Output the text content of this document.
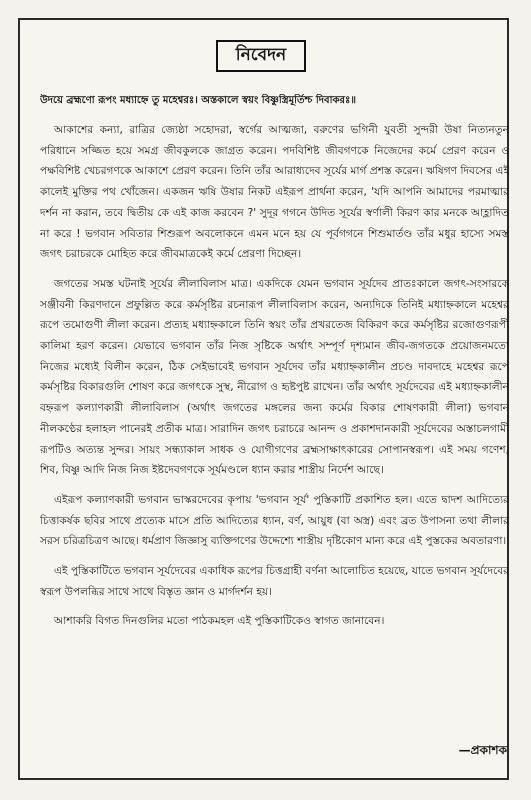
নিবেদন
উদয়ে ব্রহ্মণো রূপং মধ্যাহ্নে তু মহেশ্বরঃ। অস্তকালে স্বয়ং বিষ্ণুস্ত্রিমূর্তিশ্চ দিবাকরঃ॥

আকাশের কন্যা, রাত্রির জ্যেষ্ঠা সহোদরা, স্বর্গের আত্মজা, বরুণের ভগিনী যুবতী সুন্দরী উষা নিত্যনতুন পরিধানে সজ্জিত হয়ে সমগ্র জীবকুলকে জাগ্রত করেন। পদবিশিষ্ট জীবগণকে নিজেদের কর্মে প্রেরণ করেন ও পক্ষবিশিষ্ট খেচরগণকে আকাশে প্রেরণ করেন। তিনি তাঁর আরাধ্যদেব সূর্যের মার্গ প্রশস্ত করেন। ঋষিগণ দিবসের এই কালেই মুক্তির পথ খোঁজেন। একজন ঋষি উষার নিকট এইরূপ প্রার্থনা করেন, 'যদি আপনি আমাদের পরমাত্মার দর্শন না করান, তবে দ্বিতীয় কে এই কাজ করবেন ?' সুদূর গগনে উদিত সূর্যের স্বর্ণালী কিরণ কার মনকে আহ্লাদিত না করে ! ভগবান সবিতার শিশুরূপ অবলোকনে এমন মনে হয় যে পূর্বগগনে শিশুমার্তণ্ড তাঁর মধুর হাস্যে সমস্ত জগৎ চরাচরকে মোহিত করে জীবমাত্রকেই কর্মে প্রেরণা দিচ্ছেন।

জগতের সমস্ত ঘটনাই সূর্যের লীলাবিলাস মাত্র। একদিকে যেমন ভগবান সূর্যদেব প্রাতঃকালে জগৎ-সংসারকে সঞ্জীবনী কিরণদানে প্রফুল্লিত করে কর্মসৃষ্টির রচনারূপ লীলাবিলাস করেন, অন্যদিকে তিনিই মধ্যাহ্নকালে মহেশ্বর রূপে তমোগুণী লীলা করেন। প্রত্যহ মধ্যাহ্নকালে তিনি স্বয়ং তাঁর প্রখরতেজ বিকিরণ করে কর্মসৃষ্টির রজোগুণরূপী কালিমা হরণ করেন। যেভাবে ভগবান তাঁর নিজ সৃষ্টিকে অর্থাৎ সম্পূর্ণ দৃশ্যমান জীব-জগতকে প্রয়োজনমতো নিজের মধ্যেই বিলীন করেন, ঠিক সেইভাবেই ভগবান সূর্যদেব তাঁর মধ্যাহ্নকালীন প্রচণ্ড দাবদাহে মহেশ্বর রূপে কর্মসৃষ্টির বিকারগুলি শোষণ করে জগৎকে সুস্থ, নীরোগ ও হৃষ্টপুষ্ট রাখেন। তাঁর অর্থাৎ সূর্যদেবের এই মধ্যাহ্নকালীন বহ্নরূপ কল্যাণকারী লীলাবিলাস (অর্থাৎ জগতের মঙ্গলের জন্য কর্মের বিকার শোষণকারী লীলা) ভগবান নীলকণ্ঠের হলাহল পানেরই প্রতীক মাত্র। সারাদিন জগৎ চরাচরে আনন্দ ও প্রকাশদানকারী সূর্যদেবের অস্তাচলগামী রূপটিও অত্যন্ত সুন্দর। সায়ং সন্ধ্যাকাল সাধক ও যোগীগণের ব্রহ্মসাক্ষাৎকারের সোপানস্বরূপ। এই সময় গণেশ, শিব, বিষ্ণু আদি নিজ নিজ ইষ্টদেবগণকে সূর্যমণ্ডলে ধ্যান করার শাস্ত্রীয় নির্দেশ আছে।

এইরূপ কল্যাণকারী ভগবান ভাস্করদেবের কৃপায় 'ভগবান সূর্য' পুস্তিকাটি প্রকাশিত হল। এতে দ্বাদশ আদিত্যের চিত্তাকর্ষক ছবির সাথে প্রত্যেক মাসে প্রতি আদিত্যের ধ্যান, বর্ণ, আয়ুধ (বা অস্ত্র) এবং ব্রত উপাসনা তথা লীলার সরস চরিত্রচিত্রণ আছে। ধর্মপ্রাণ জিজ্ঞাসু ব্যক্তিগণের উদ্দেশ্যে শাস্ত্রীয় দৃষ্টিকোণ মান্য করে এই পুস্তকের অবতারণা।

এই পুস্তিকাটিতে ভগবান সূর্যদেবের একাধিক রূপের চিত্তগ্রাহী বর্ণনা আলোচিত হয়েছে, যাতে ভগবান সূর্যদেবের স্বরূপ উপলব্ধির সাথে সাথে বিস্তৃত জ্ঞান ও মার্গদর্শন হয়।

আশাকরি বিগত দিনগুলির মতো পাঠকমহল এই পুস্তিকাটিকেও স্বাগত জানাবেন।

—প্রকাশক
